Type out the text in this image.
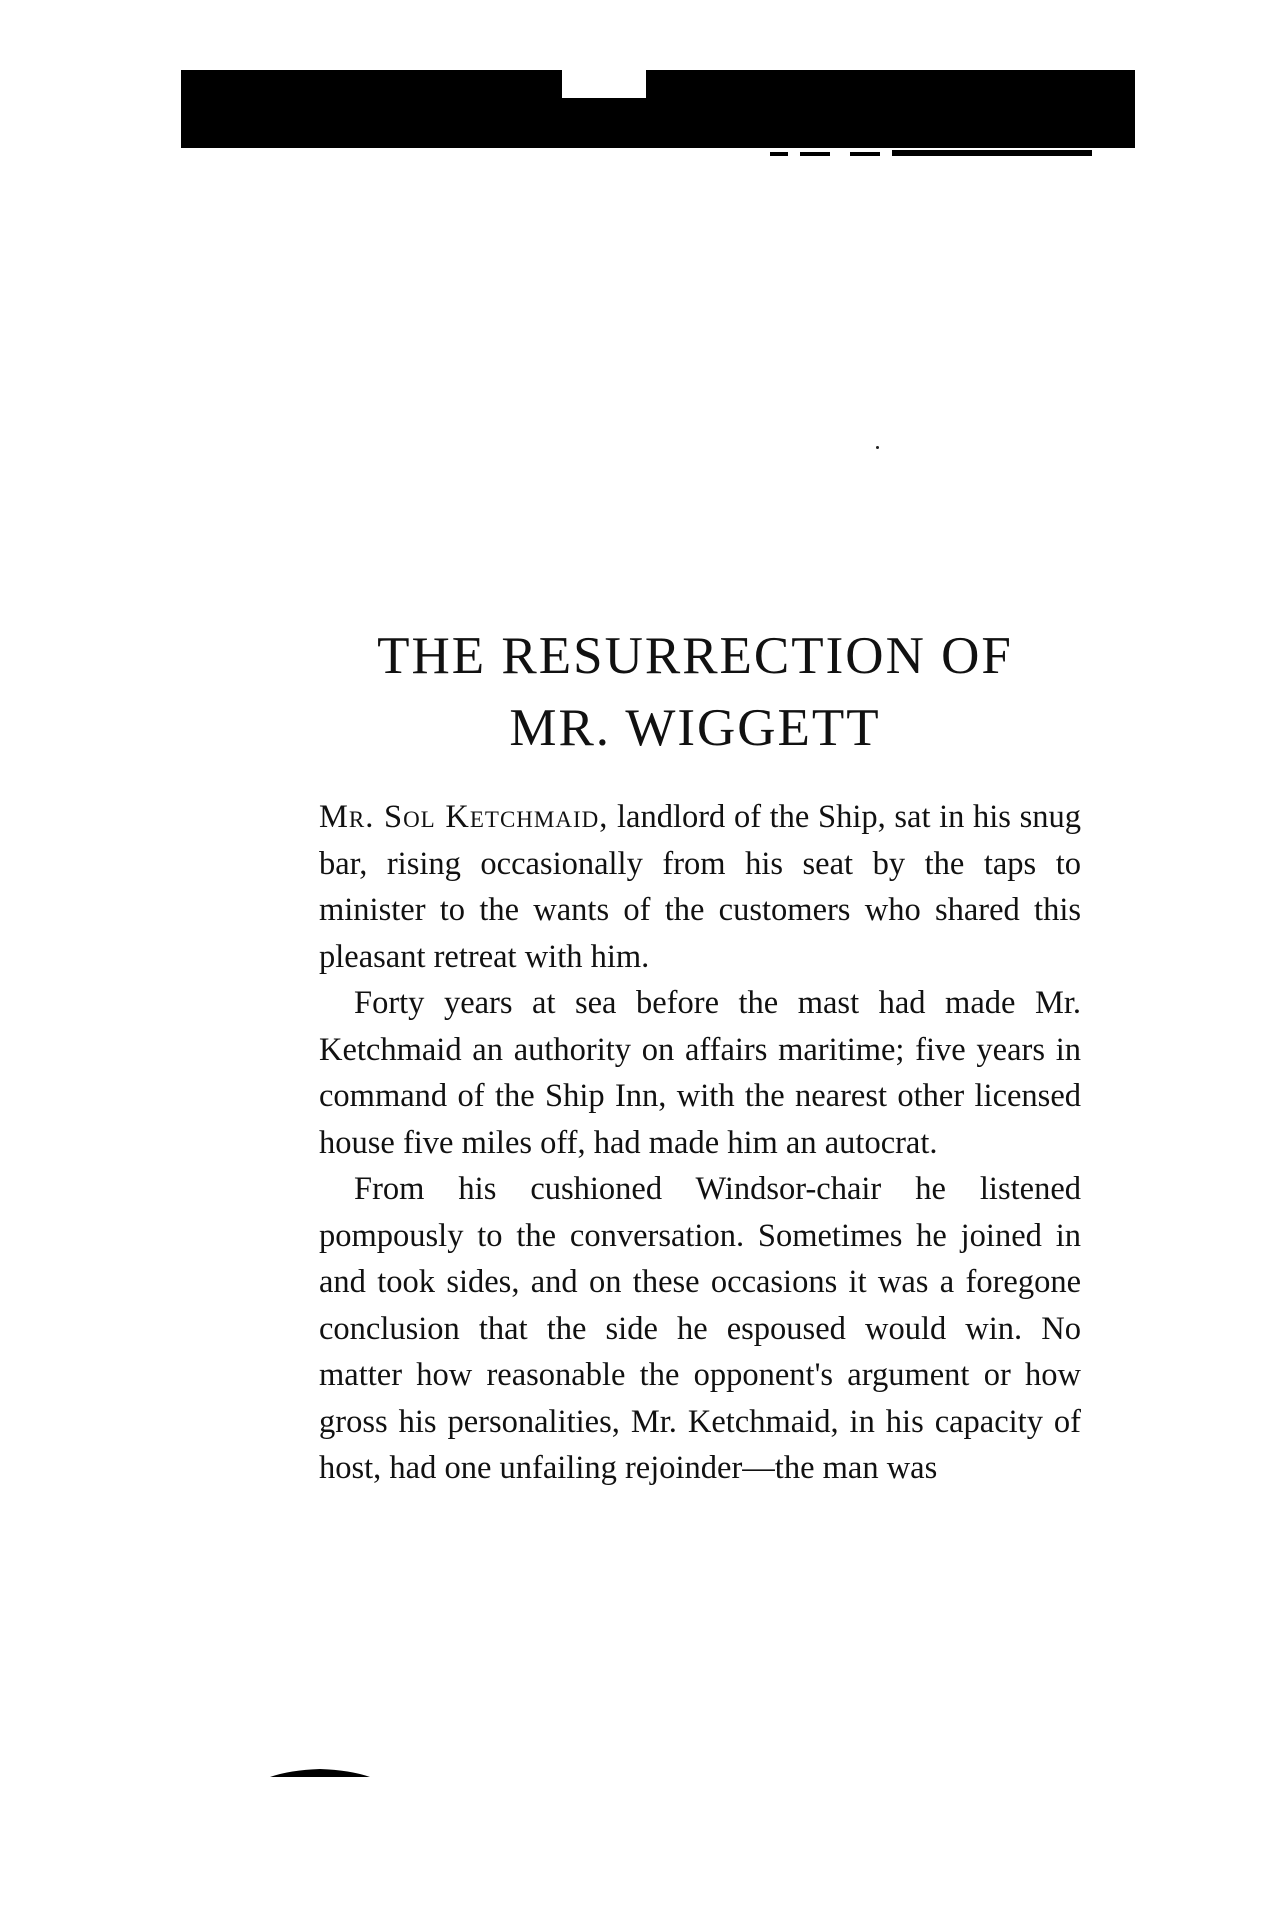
THE RESURRECTION OF
MR. WIGGETT

Mr. Sol Ketchmaid, landlord of the Ship, sat in his snug bar, rising occasionally from his seat by the taps to minister to the wants of the customers who shared this pleasant retreat with him.

Forty years at sea before the mast had made Mr. Ketchmaid an authority on affairs maritime; five years in command of the Ship Inn, with the nearest other licensed house five miles off, had made him an autocrat.

From his cushioned Windsor-chair he listened pompously to the conversation. Sometimes he joined in and took sides, and on these occasions it was a foregone conclusion that the side he espoused would win. No matter how reasonable the opponent's argument or how gross his personalities, Mr. Ketchmaid, in his capacity of host, had one unfailing rejoinder—the man was
